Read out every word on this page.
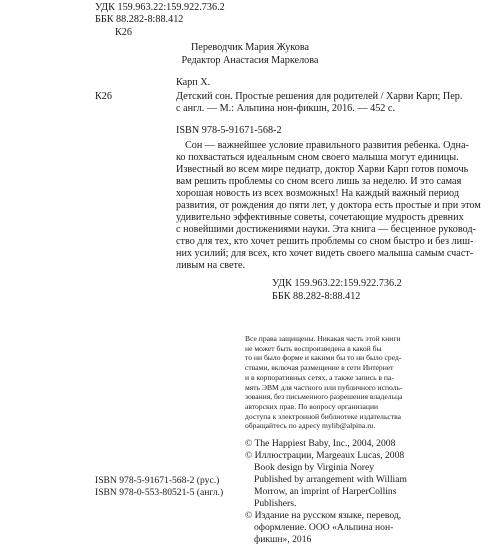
УДК 159.963.22:159.922.736.2
ББК 88.282-8:88.412
К26
Переводчик Мария Жукова
Редактор Анастасия Маркелова
Карп Х.
К26	Детский сон. Простые решения для родителей / Харви Карп; Пер.
с англ. — М.: Альпина нон-фикшн, 2016. — 452 с.
ISBN 978-5-91671-568-2
Сон — важнейшее условие правильного развития ребенка. Одна-
ко похвастаться идеальным сном своего малыша могут единицы.
Известный во всем мире педиатр, доктор Харви Карп готов помочь
вам решить проблемы со сном всего лишь за неделю. И это самая
хорошая новость из всех возможных! На каждый важный период
развития, от рождения до пяти лет, у доктора есть простые и при этом
удивительно эффективные советы, сочетающие мудрость древних
с новейшими достижениями науки. Эта книга — бесценное руковод-
ство для тех, кто хочет решить проблемы со сном быстро и без лиш-
них усилий; для всех, кто хочет видеть своего малыша самым счаст-
ливым на свете.
УДК 159.963.22:159.922.736.2
ББК 88.282-8:88.412
Все права защищены. Никакая часть этой книги
не может быть воспроизведена в какой бы
то ни было форме и какими бы то ни было сред-
ствами, включая размещение в сети Интернет
и в корпоративных сетях, а также запись в па-
мять ЭВМ для частного или публичного исполь-
зования, без письменного разрешения владельца
авторских прав. По вопросу организации
доступа к электронной библиотеке издательства
обращайтесь по адресу mylib@alpina.ru.
© The Happiest Baby, Inc., 2004, 2008
© Иллюстрации, Margeaux Lucas, 2008
Book design by Virginia Norey
Published by arrangement with William
Morrow, an imprint of HarperCollins
Publishers.
© Издание на русском языке, перевод,
оформление. ООО «Альпина нон-
фикшн», 2016
ISBN 978-5-91671-568-2 (рус.)
ISBN 978-0-553-80521-5 (англ.)
